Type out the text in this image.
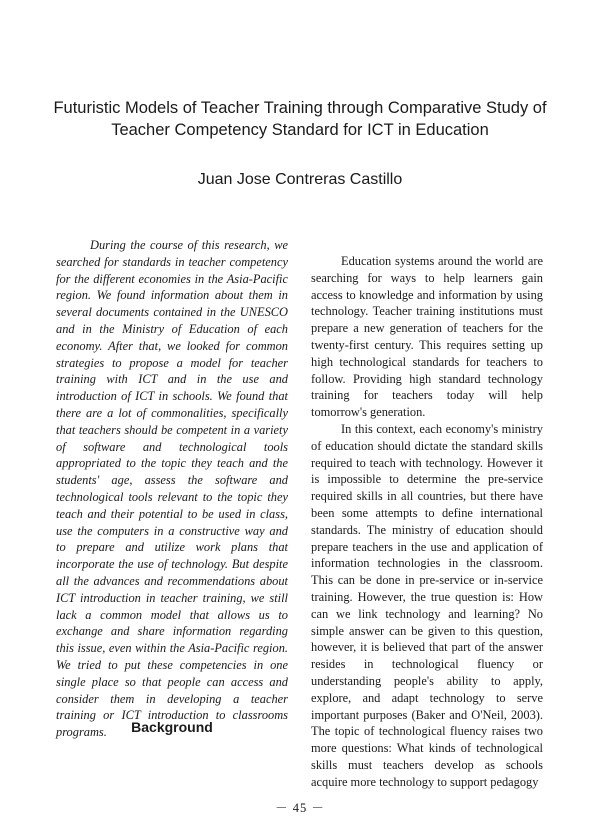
Futuristic Models of Teacher Training through Comparative Study of
Teacher Competency Standard for ICT in Education
Juan Jose Contreras Castillo

During the course of this research, we searched for standards in teacher competency for the different economies in the Asia-Pacific region. We found information about them in several documents contained in the UNESCO and in the Ministry of Education of each economy. After that, we looked for common strategies to propose a model for teacher training with ICT and in the use and introduction of ICT in schools. We found that there are a lot of commonalities, specifically that teachers should be competent in a variety of software and technological tools appropriated to the topic they teach and the students' age, assess the software and technological tools relevant to the topic they teach and their potential to be used in class, use the computers in a constructive way and to prepare and utilize work plans that incorporate the use of technology. But despite all the advances and recommendations about ICT introduction in teacher training, we still lack a common model that allows us to exchange and share information regarding this issue, even within the Asia-Pacific region. We tried to put these competencies in one single place so that people can access and consider them in developing a teacher training or ICT introduction to classrooms programs.	Background

Education systems around the world are searching for ways to help learners gain access to knowledge and information by using technology. Teacher training institutions must prepare a new generation of teachers for the twenty-first century. This requires setting up high technological standards for teachers to follow. Providing high standard technology training for teachers today will help tomorrow's generation.

In this context, each economy's ministry of education should dictate the standard skills required to teach with technology. However it is impossible to determine the pre-service required skills in all countries, but there have been some attempts to define international standards. The ministry of education should prepare teachers in the use and application of information technologies in the classroom. This can be done in pre-service or in-service training. However, the true question is: How can we link technology and learning? No simple answer can be given to this question, however, it is believed that part of the answer resides in technological fluency or understanding people's ability to apply, explore, and adapt technology to serve important purposes (Baker and O'Neil, 2003). The topic of technological fluency raises two more questions: What kinds of technological skills must teachers develop as schools acquire more technology to support pedagogy

－ 45 －
